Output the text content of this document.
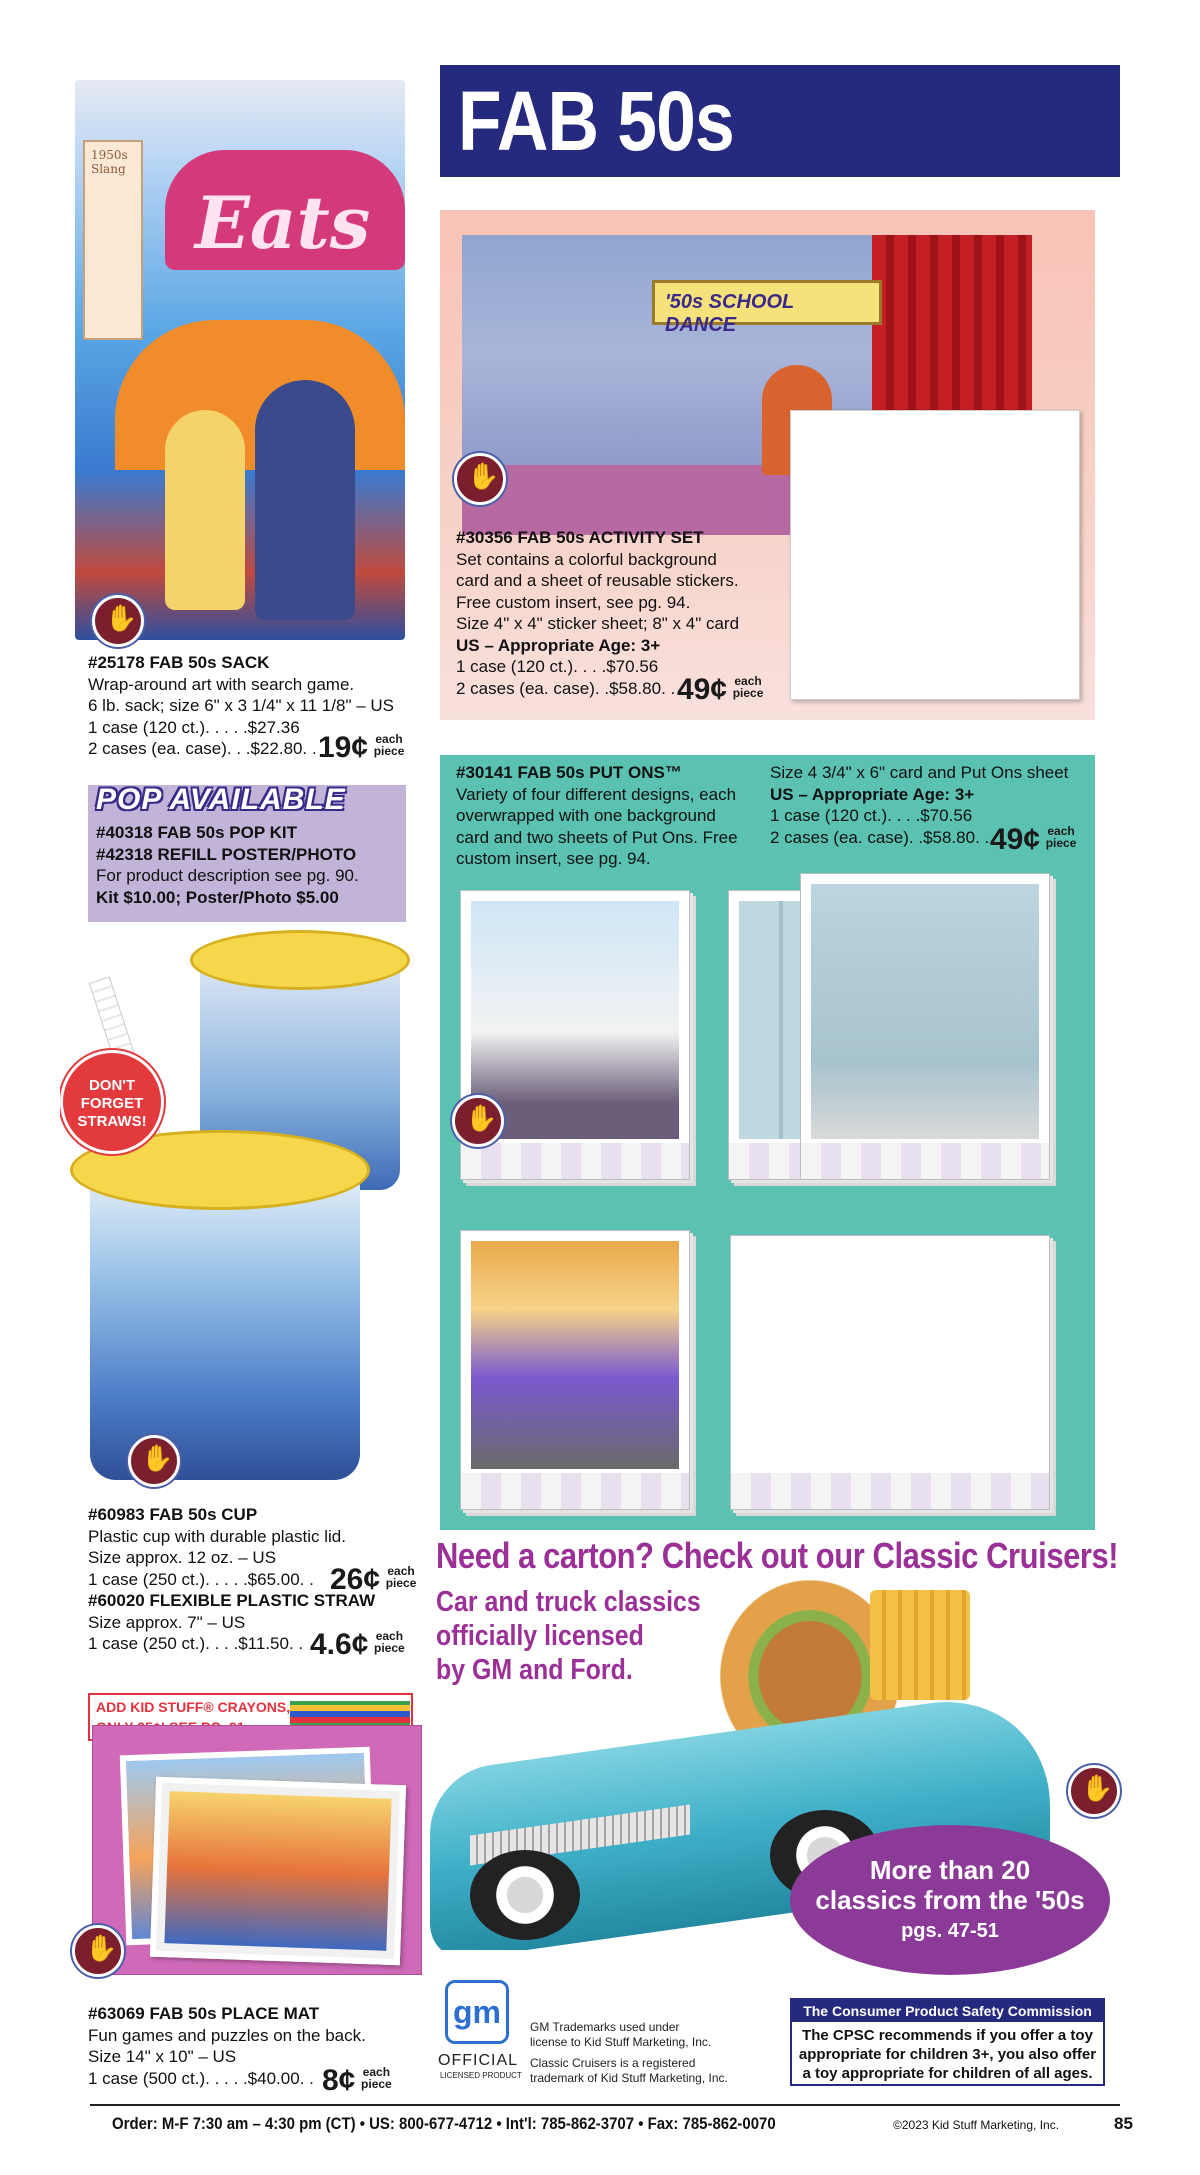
FAB 50s
1950s Slang
Eats
✋
#25178 FAB 50s SACK
Wrap-around art with search game.
6 lb. sack; size 6" x 3 1/4" x 11 1/8" – US
1 case (120 ct.). . . . .$27.36
2 cases (ea. case). . .$22.80. . 19¢ each piece
POP AVAILABLE
#40318 FAB 50s POP KIT
#42318 REFILL POSTER/PHOTO
For product description see pg. 90.
Kit $10.00; Poster/Photo $5.00
'50s SCHOOL DANCE
✋
#30356 FAB 50s ACTIVITY SET
Set contains a colorful background
card and a sheet of reusable stickers.
Free custom insert, see pg. 94.
Size 4" x 4" sticker sheet; 8" x 4" card
US – Appropriate Age: 3+
1 case (120 ct.). . . .$70.56
2 cases (ea. case). .$58.80. . 49¢ each piece
✋
#30141 FAB 50s PUT ONS™
Variety of four different designs, each
overwrapped with one background
card and two sheets of Put Ons. Free
custom insert, see pg. 94.
Size 4 3/4" x 6" card and Put Ons sheet
US – Appropriate Age: 3+
1 case (120 ct.). . . .$70.56
2 cases (ea. case). .$58.80. . 49¢ each piece
DON'T
FORGET
STRAWS!
✋
#60983 FAB 50s CUP
Plastic cup with durable plastic lid.
Size approx. 12 oz. – US
1 case (250 ct.). . . . .$65.00. .
#60020 FLEXIBLE PLASTIC STRAW
Size approx. 7" – US
1 case (250 ct.). . . .$11.50. .
26¢ each piece
4.6¢ each piece
ADD KID STUFF® CRAYONS,
✋
#63069 FAB 50s PLACE MAT
Fun games and puzzles on the back.
Size 14" x 10" – US
1 case (500 ct.). . . . .$40.00. . 8¢ each piece
Need a carton? Check out our Classic Cruisers!
Car and truck classics
officially licensed
by GM and Ford.
✋
More than 20
classics from the '50s
pgs. 47-51
gm
OFFICIAL
LICENSED PRODUCT
GM Trademarks used under
license to Kid Stuff Marketing, Inc.
Classic Cruisers is a registered
trademark of Kid Stuff Marketing, Inc.
The Consumer Product Safety Commission
The CPSC recommends if you offer a toy
appropriate for children 3+, you also offer
a toy appropriate for children of all ages.
Order: M-F 7:30 am – 4:30 pm (CT) • US: 800-677-4712 • Int'l: 785-862-3707 • Fax: 785-862-0070	©2023 Kid Stuff Marketing, Inc.	85
